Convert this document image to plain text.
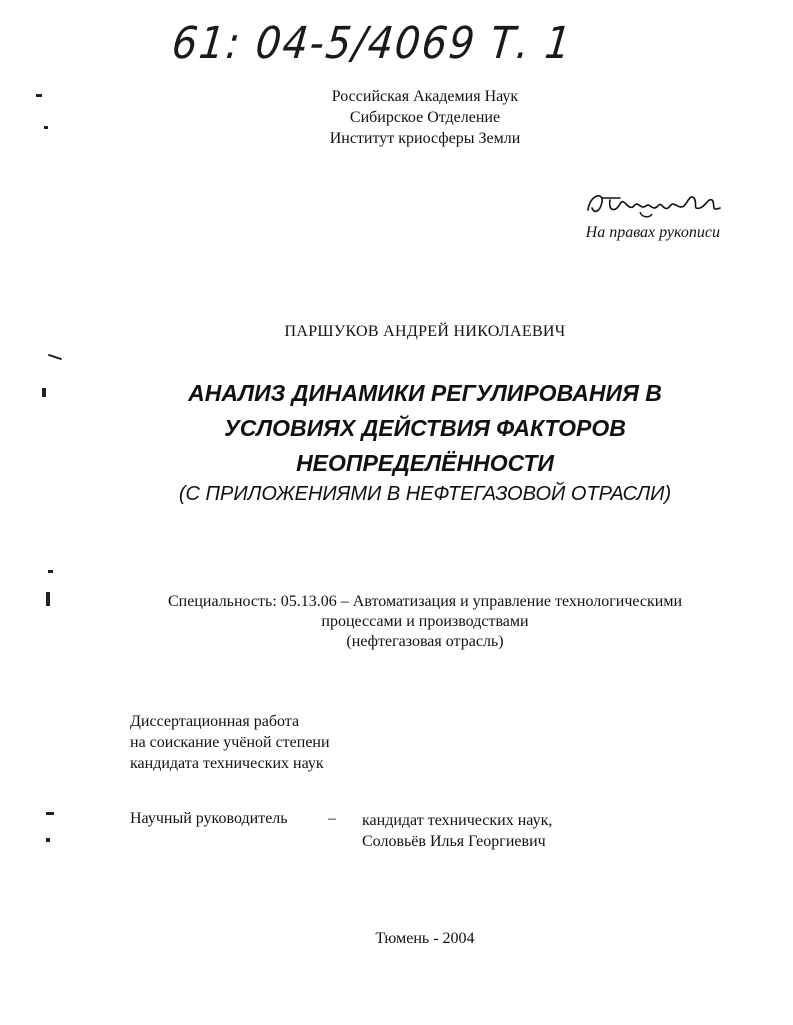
61: 04-5/4069 Т. 1
Российская Академия Наук
Сибирское Отделение
Институт криосферы Земли
На правах рукописи
ПАРШУКОВ АНДРЕЙ НИКОЛАЕВИЧ
АНАЛИЗ ДИНАМИКИ РЕГУЛИРОВАНИЯ В
УСЛОВИЯХ ДЕЙСТВИЯ ФАКТОРОВ
НЕОПРЕДЕЛЁННОСТИ
(С ПРИЛОЖЕНИЯМИ В НЕФТЕГАЗОВОЙ ОТРАСЛИ)
Специальность: 05.13.06 – Автоматизация и управление технологическими
процессами и производствами
(нефтегазовая отрасль)
Диссертационная работа
на соискание учёной степени
кандидата технических наук
Научный руководитель	– кандидат технических наук,
Соловьёв Илья Георгиевич
Тюмень - 2004
